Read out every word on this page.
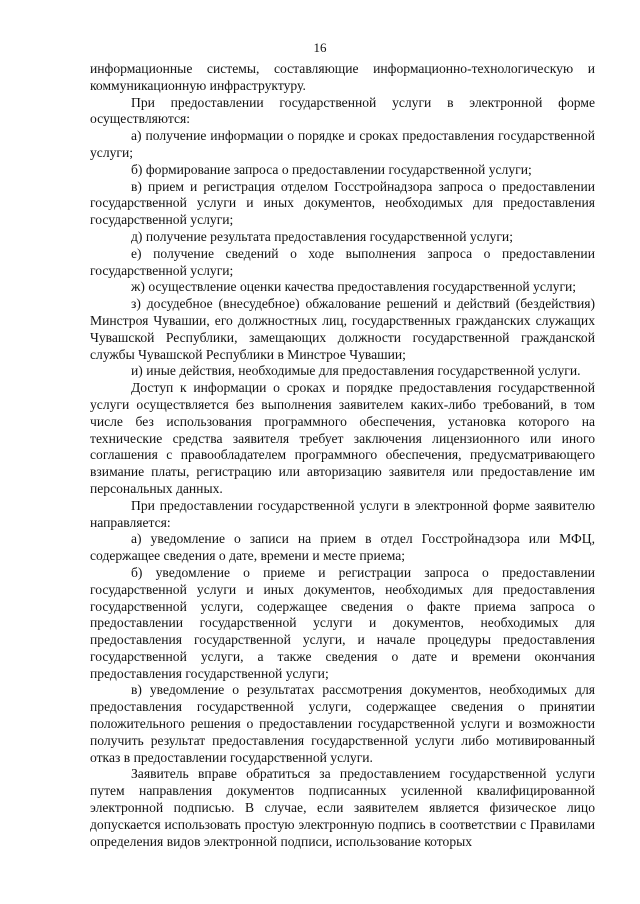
16

информационные системы, составляющие информационно-технологическую и коммуникационную инфраструктуру.

При предоставлении государственной услуги в электронной форме осуществляются:

а) получение информации о порядке и сроках предоставления государственной услуги;

б) формирование запроса о предоставлении государственной услуги;

в) прием и регистрация отделом Госстройнадзора запроса о предоставлении государственной услуги и иных документов, необходимых для предоставления государственной услуги;

д) получение результата предоставления государственной услуги;

е) получение сведений о ходе выполнения запроса о предоставлении государственной услуги;

ж) осуществление оценки качества предоставления государственной услуги;

з) досудебное (внесудебное) обжалование решений и действий (бездействия) Минстроя Чувашии, его должностных лиц, государственных гражданских служащих Чувашской Республики, замещающих должности государственной гражданской службы Чувашской Республики в Минстрое Чувашии;

и) иные действия, необходимые для предоставления государственной услуги.

Доступ к информации о сроках и порядке предоставления государственной услуги осуществляется без выполнения заявителем каких-либо требований, в том числе без использования программного обеспечения, установка которого на технические средства заявителя требует заключения лицензионного или иного соглашения с правообладателем программного обеспечения, предусматривающего взимание платы, регистрацию или авторизацию заявителя или предоставление им персональных данных.

При предоставлении государственной услуги в электронной форме заявителю направляется:

а) уведомление о записи на прием в отдел Госстройнадзора или МФЦ, содержащее сведения о дате, времени и месте приема;

б) уведомление о приеме и регистрации запроса о предоставлении государственной услуги и иных документов, необходимых для предоставления государственной услуги, содержащее сведения о факте приема запроса о предоставлении государственной услуги и документов, необходимых для предоставления государственной услуги, и начале процедуры предоставления государственной услуги, а также сведения о дате и времени окончания предоставления государственной услуги;

в) уведомление о результатах рассмотрения документов, необходимых для предоставления государственной услуги, содержащее сведения о принятии положительного решения о предоставлении государственной услуги и возможности получить результат предоставления государственной услуги либо мотивированный отказ в предоставлении государственной услуги.

Заявитель вправе обратиться за предоставлением государственной услуги путем направления документов подписанных усиленной квалифицированной электронной подписью. В случае, если заявителем является физическое лицо допускается использовать простую электронную подпись в соответствии с Правилами определения видов электронной подписи, использование которых
